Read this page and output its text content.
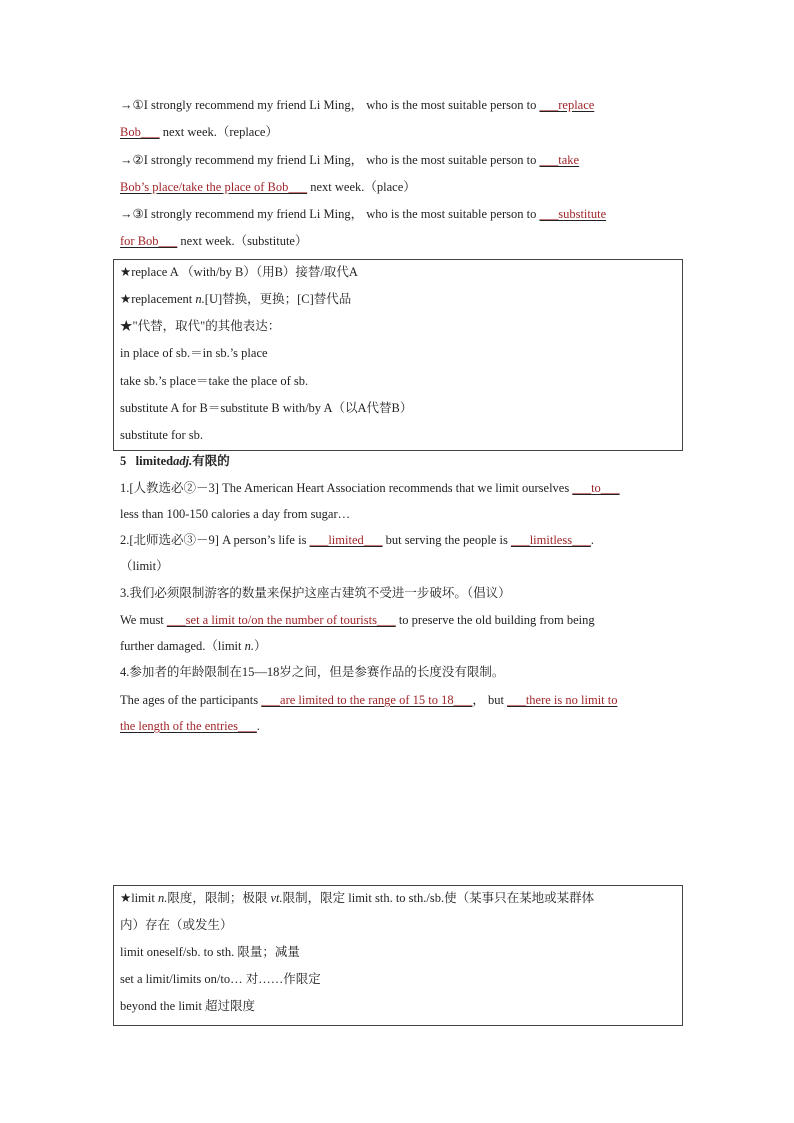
→①I strongly recommend my friend Li Ming， who is the most suitable person to ___replace
Bob___ next week.（replace）
→②I strongly recommend my friend Li Ming， who is the most suitable person to ___take
Bob’s place/take the place of Bob___ next week.（place）
→③I strongly recommend my friend Li Ming， who is the most suitable person to ___substitute
for Bob___ next week.（substitute）
★replace A （with/by B）（用B）接替/取代A
★replacement n.[U]替换，更换；[C]替代品
★"代替，取代"的其他表达：
in place of sb.＝in sb.’s place
take sb.’s place＝take the place of sb.
substitute A for B＝substitute B with/by A（以A代替B）
substitute for sb.
5 limitedadj.有限的
1.[人教选必②－3] The American Heart Association recommends that we limit ourselves ___to___
less than 100-150 calories a day from sugar…
2.[北师选必③－9] A person’s life is ___limited___ but serving the people is ___limitless___.
（limit）
3.我们必须限制游客的数量来保护这座古建筑不受进一步破坏。（倡议）
We must ___set a limit to/on the number of tourists___ to preserve the old building from being
further damaged.（limit n.）
4.参加者的年龄限制在15—18岁之间，但是参赛作品的长度没有限制。
The ages of the participants ___are limited to the range of 15 to 18___， but ___there is no limit to
the length of the entries___.
★limit n.限度，限制；极限 vt.限制，限定 limit sth. to sth./sb.使（某事只在某地或某群体
内）存在（或发生）
limit oneself/sb. to sth. 限量；减量
set a limit/limits on/to… 对……作限定
beyond the limit 超过限度
